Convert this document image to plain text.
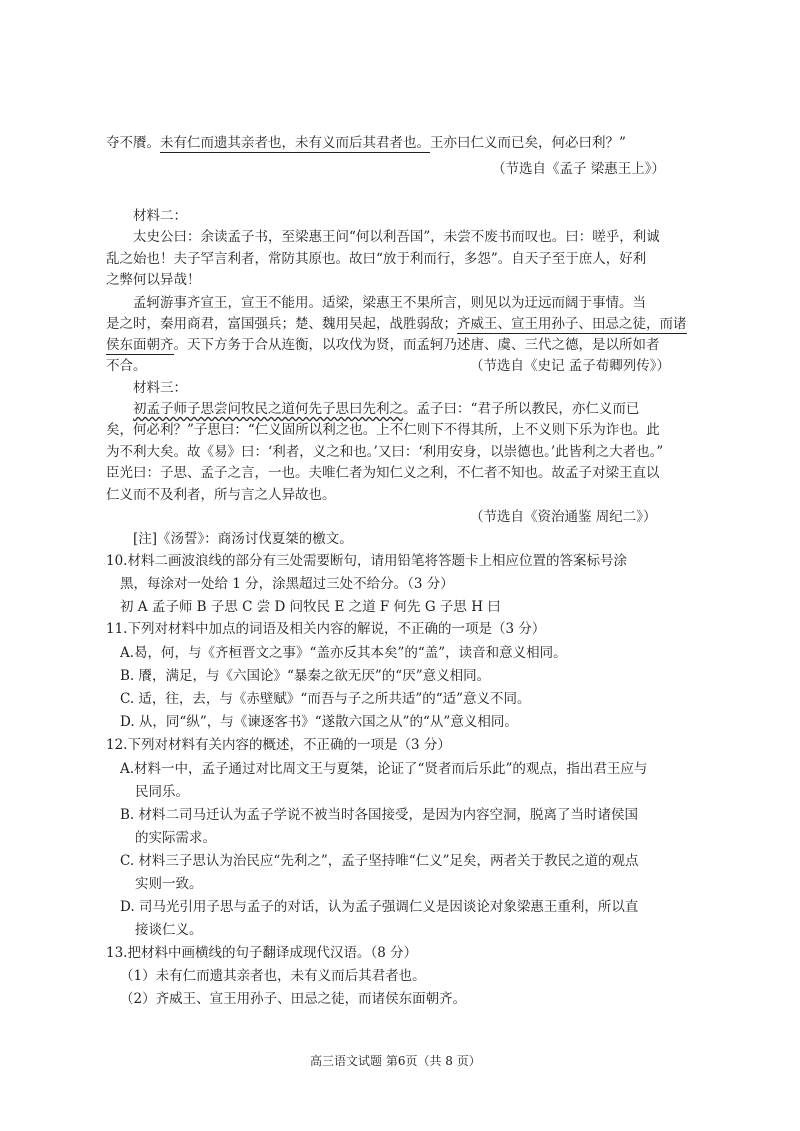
夺不餍。未有仁而遗其亲者也，未有义而后其君者也。王亦曰仁义而已矣，何必曰利？”
（节选自《孟子 梁惠王上》）
材料二：
太史公曰：余读孟子书，至梁惠王问“何以利吾国”，未尝不废书而叹也。曰：嗟乎，利诚
乱之始也！夫子罕言利者，常防其原也。故曰“放于利而行，多怨”。自天子至于庶人，好利
之弊何以异哉！
孟轲游事齐宣王，宣王不能用。适梁，梁惠王不果所言，则见以为迂远而阔于事情。当
是之时，秦用商君，富国强兵；楚、魏用吴起，战胜弱敌；齐威王、宣王用孙子、田忌之徒，而诸
侯东面朝齐。天下方务于合从连衡，以攻伐为贤，而孟轲乃述唐、虞、三代之德，是以所如者
不合。	（节选自《史记 孟子荀卿列传》）
材料三：
初孟子师子思尝问牧民之道何先子思曰先利之。孟子曰：“君子所以教民，亦仁义而已
矣，何必利？”子思曰：“仁义固所以利之也。上不仁则下不得其所，上不义则下乐为诈也。此
为不利大矣。故《易》曰：‘利者，义之和也。’又曰：‘利用安身，以崇德也。’此皆利之大者也。”
臣光曰：子思、孟子之言，一也。夫唯仁者为知仁义之利，不仁者不知也。故孟子对梁王直以
仁义而不及利者，所与言之人异故也。
（节选自《资治通鉴 周纪二》）
[注]《汤誓》：商汤讨伐夏桀的檄文。
10.材料二画波浪线的部分有三处需要断句，请用铅笔将答题卡上相应位置的答案标号涂
黑，每涂对一处给 1 分，涂黑超过三处不给分。（3 分）
初 A 孟子师 B 子思 C 尝 D 问牧民 E 之道 F 何先 G 子思 H 曰
11.下列对材料中加点的词语及相关内容的解说，不正确的一项是（3 分）
A.曷，何，与《齐桓晋文之事》“盖亦反其本矣”的“盖”，读音和意义相同。
B. 餍，满足，与《六国论》“暴秦之欲无厌”的“厌”意义相同。
C. 适，往，去，与《赤壁赋》“而吾与子之所共适”的“适”意义不同。
D. 从，同“纵”，与《谏逐客书》“遂散六国之从”的“从”意义相同。
12.下列对材料有关内容的概述，不正确的一项是（3 分）
A.材料一中，孟子通过对比周文王与夏桀，论证了“贤者而后乐此”的观点，指出君王应与
民同乐。
B. 材料二司马迁认为孟子学说不被当时各国接受，是因为内容空洞，脱离了当时诸侯国
的实际需求。
C. 材料三子思认为治民应“先利之”，孟子坚持唯“仁义”足矣，两者关于教民之道的观点
实则一致。
D. 司马光引用子思与孟子的对话，认为孟子强调仁义是因谈论对象梁惠王重利，所以直
接谈仁义。
13.把材料中画横线的句子翻译成现代汉语。（8 分）
（1）未有仁而遗其亲者也，未有义而后其君者也。
（2）齐威王、宣王用孙子、田忌之徒，而诸侯东面朝齐。
高三语文试题 第6页（共 8 页）
